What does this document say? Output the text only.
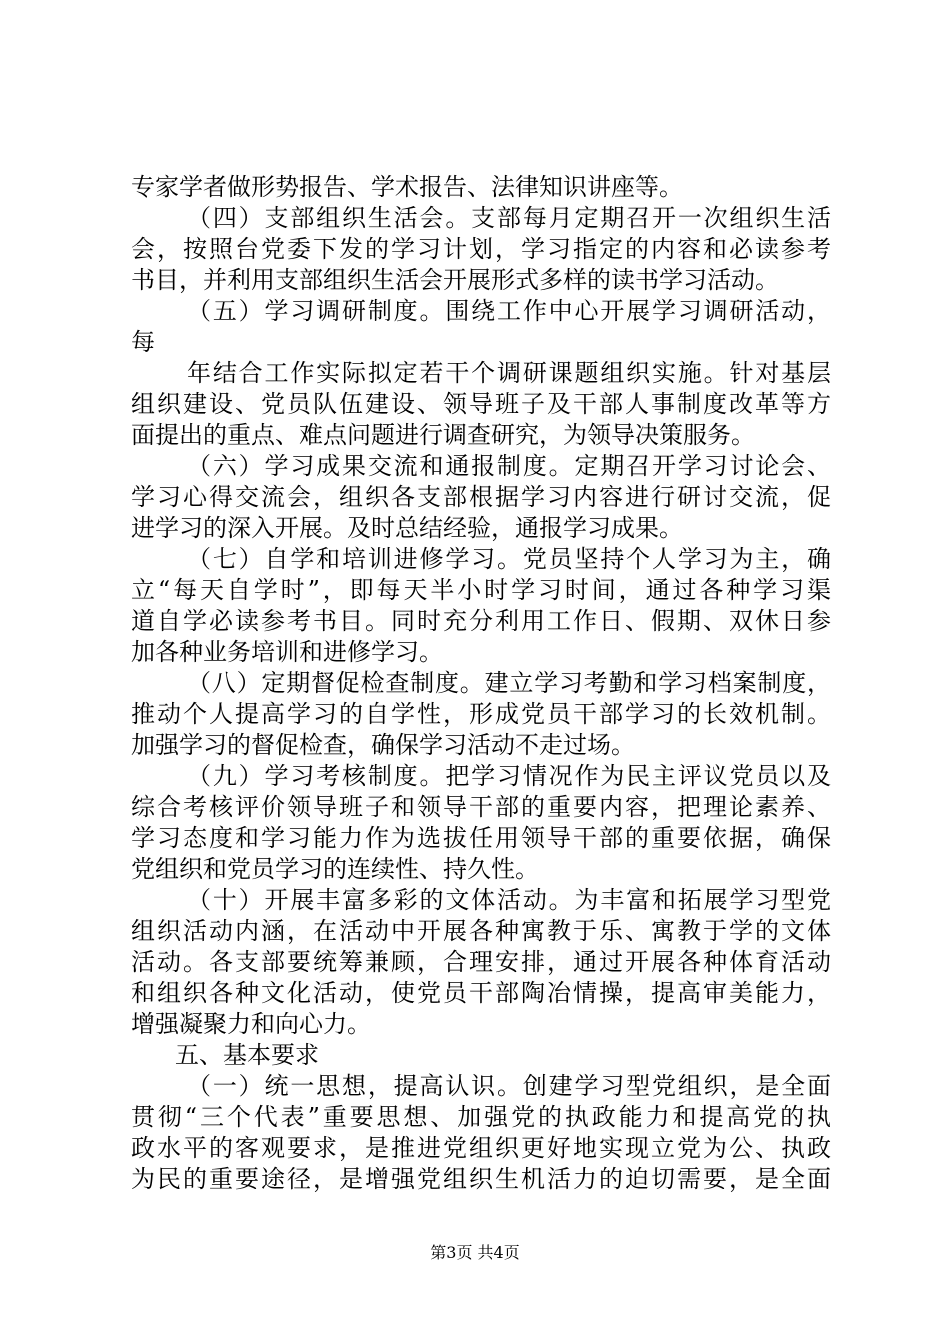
专家学者做形势报告、学术报告、法律知识讲座等。
（四）支部组织生活会。支部每月定期召开一次组织生活
会，按照台党委下发的学习计划，学习指定的内容和必读参考
书目，并利用支部组织生活会开展形式多样的读书学习活动。
（五）学习调研制度。围绕工作中心开展学习调研活动，
每
年结合工作实际拟定若干个调研课题组织实施。针对基层
组织建设、党员队伍建设、领导班子及干部人事制度改革等方
面提出的重点、难点问题进行调查研究，为领导决策服务。
（六）学习成果交流和通报制度。定期召开学习讨论会、
学习心得交流会，组织各支部根据学习内容进行研讨交流，促
进学习的深入开展。及时总结经验，通报学习成果。
（七）自学和培训进修学习。党员坚持个人学习为主，确
立“每天自学时”，即每天半小时学习时间，通过各种学习渠
道自学必读参考书目。同时充分利用工作日、假期、双休日参
加各种业务培训和进修学习。
（八）定期督促检查制度。建立学习考勤和学习档案制度，
推动个人提高学习的自学性，形成党员干部学习的长效机制。
加强学习的督促检查，确保学习活动不走过场。
（九）学习考核制度。把学习情况作为民主评议党员以及
综合考核评价领导班子和领导干部的重要内容，把理论素养、
学习态度和学习能力作为选拔任用领导干部的重要依据，确保
党组织和党员学习的连续性、持久性。
（十）开展丰富多彩的文体活动。为丰富和拓展学习型党
组织活动内涵，在活动中开展各种寓教于乐、寓教于学的文体
活动。各支部要统筹兼顾，合理安排，通过开展各种体育活动
和组织各种文化活动，使党员干部陶冶情操，提高审美能力，
增强凝聚力和向心力。
五、基本要求
（一）统一思想，提高认识。创建学习型党组织，是全面
贯彻“三个代表”重要思想、加强党的执政能力和提高党的执
政水平的客观要求，是推进党组织更好地实现立党为公、执政
为民的重要途径，是增强党组织生机活力的迫切需要，是全面
第3页 共4页
